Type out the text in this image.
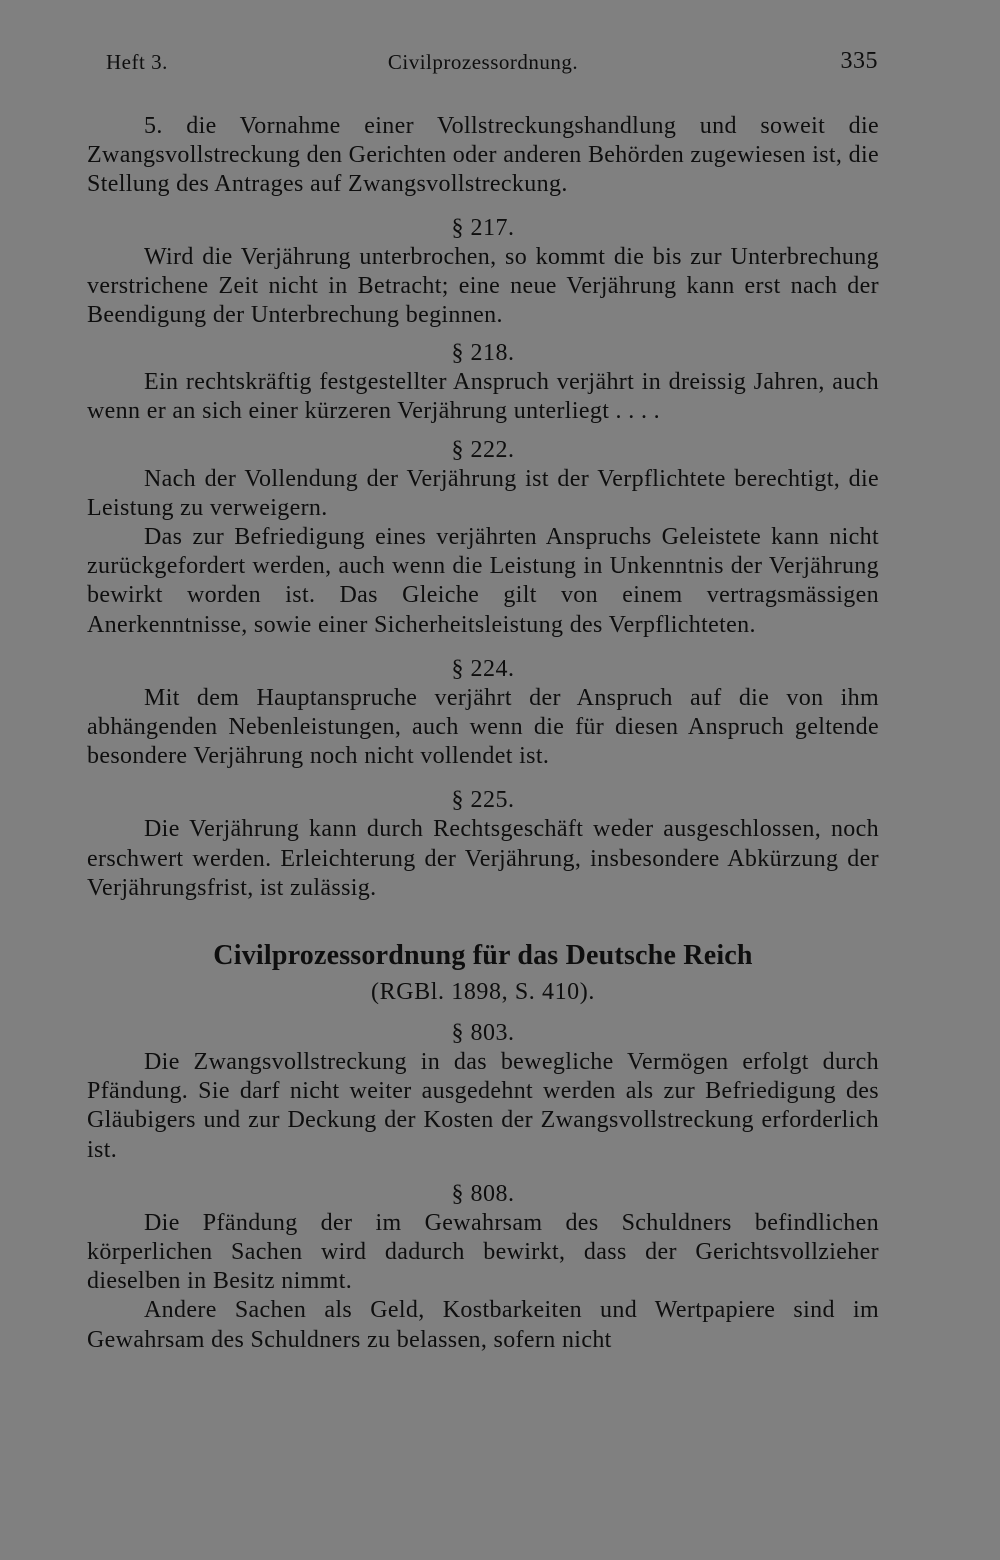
Heft 3.	Civilprozessordnung.	335

5. die Vornahme einer Vollstreckungshandlung und soweit die Zwangsvollstreckung den Gerichten oder anderen Behörden zugewiesen ist, die Stellung des Antrages auf Zwangsvollstreckung.

§ 217.

Wird die Verjährung unterbrochen, so kommt die bis zur Unterbrechung verstrichene Zeit nicht in Betracht; eine neue Verjährung kann erst nach der Beendigung der Unterbrechung beginnen.

§ 218.

Ein rechtskräftig festgestellter Anspruch verjährt in dreissig Jahren, auch wenn er an sich einer kürzeren Verjährung unterliegt . . . .

§ 222.

Nach der Vollendung der Verjährung ist der Verpflichtete berechtigt, die Leistung zu verweigern.

Das zur Befriedigung eines verjährten Anspruchs Geleistete kann nicht zurückgefordert werden, auch wenn die Leistung in Unkenntnis der Verjährung bewirkt worden ist. Das Gleiche gilt von einem vertragsmässigen Anerkenntnisse, sowie einer Sicherheitsleistung des Verpflichteten.

§ 224.

Mit dem Hauptanspruche verjährt der Anspruch auf die von ihm abhängenden Nebenleistungen, auch wenn die für diesen Anspruch geltende besondere Verjährung noch nicht vollendet ist.

§ 225.

Die Verjährung kann durch Rechtsgeschäft weder ausgeschlossen, noch erschwert werden. Erleichterung der Verjährung, insbesondere Abkürzung der Verjährungsfrist, ist zulässig.

Civilprozessordnung für das Deutsche Reich
(RGBl. 1898, S. 410).
§ 803.

Die Zwangsvollstreckung in das bewegliche Vermögen erfolgt durch Pfändung. Sie darf nicht weiter ausgedehnt werden als zur Befriedigung des Gläubigers und zur Deckung der Kosten der Zwangsvollstreckung erforderlich ist.

§ 808.

Die Pfändung der im Gewahrsam des Schuldners befindlichen körperlichen Sachen wird dadurch bewirkt, dass der Gerichtsvollzieher dieselben in Besitz nimmt.

Andere Sachen als Geld, Kostbarkeiten und Wertpapiere sind im Gewahrsam des Schuldners zu belassen, sofern nicht
